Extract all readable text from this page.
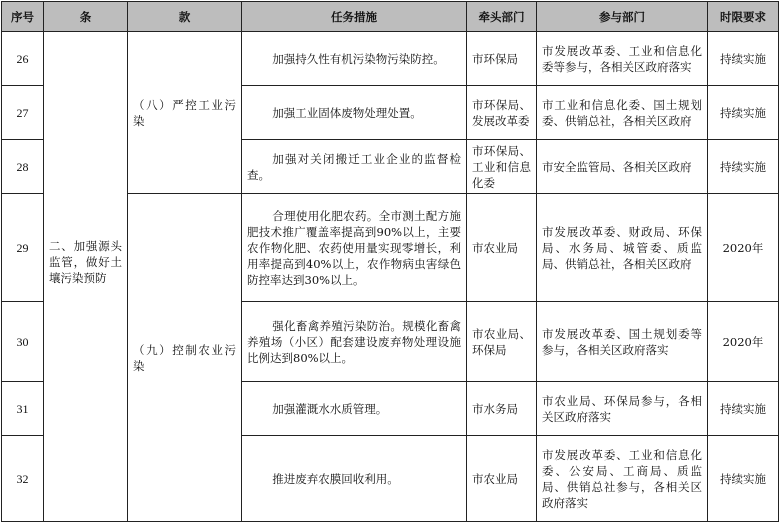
序号	条	款	任务措施	牵头部门	参与部门	时限要求
26	二、加强源头监管，做好土壤污染预防	（八）严控工业污染	加强持久性有机污染物污染防控。	市环保局	市发展改革委、工业和信息化委等参与，各相关区政府落实	持续实施
27			加强工业固体废物处理处置。	市环保局、发展改革委	市工业和信息化委、国土规划委、供销总社，各相关区政府	持续实施
28			加强对关闭搬迁工业企业的监督检查。	市环保局、工业和信息化委	市安全监管局、各相关区政府	持续实施
29		（九）控制农业污染	合理使用化肥农药。全市测土配方施肥技术推广覆盖率提高到90%以上，主要农作物化肥、农药使用量实现零增长，利用率提高到40%以上，农作物病虫害绿色防控率达到30%以上。	市农业局	市发展改革委、财政局、环保局、水务局、城管委、质监局、供销总社，各相关区政府	2020年
30			强化畜禽养殖污染防治。规模化畜禽养殖场（小区）配套建设废弃物处理设施比例达到80%以上。	市农业局、环保局	市发展改革委、国土规划委等参与，各相关区政府落实	2020年
31			加强灌溉水水质管理。	市水务局	市农业局、环保局参与，各相关区政府落实	持续实施
32			推进废弃农膜回收利用。	市农业局	市发展改革委、工业和信息化委、公安局、工商局、质监局、供销总社参与，各相关区政府落实	持续实施
